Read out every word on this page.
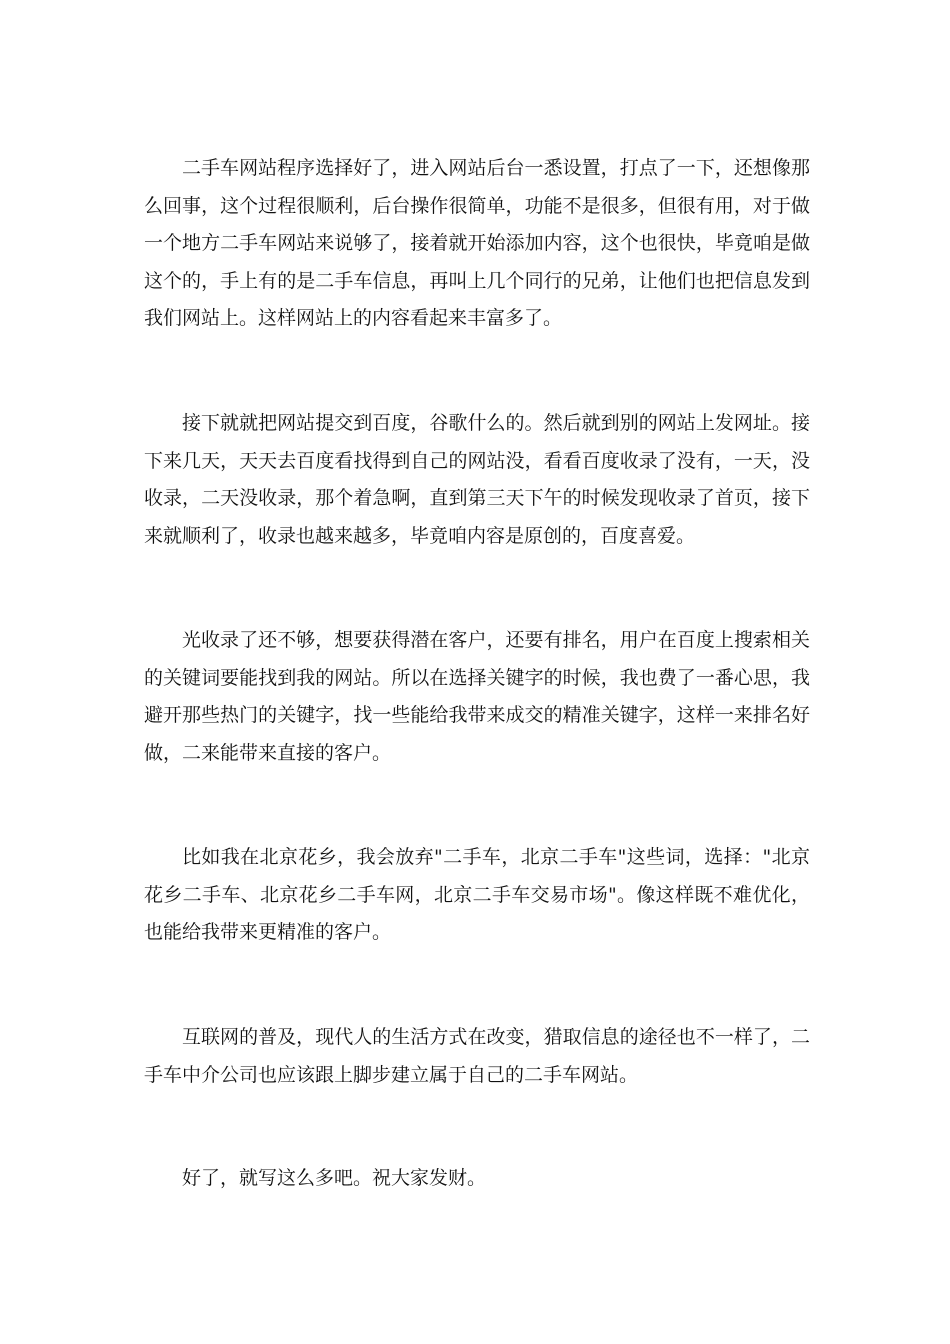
二手车网站程序选择好了，进入网站后台一悉设置，打点了一下，还想像那么回事，这个过程很顺利，后台操作很简单，功能不是很多，但很有用，对于做一个地方二手车网站来说够了，接着就开始添加内容，这个也很快，毕竟咱是做这个的，手上有的是二手车信息，再叫上几个同行的兄弟，让他们也把信息发到我们网站上。这样网站上的内容看起来丰富多了。

接下就就把网站提交到百度，谷歌什么的。然后就到别的网站上发网址。接下来几天，天天去百度看找得到自己的网站没，看看百度收录了没有，一天，没收录，二天没收录，那个着急啊，直到第三天下午的时候发现收录了首页，接下来就顺利了，收录也越来越多，毕竟咱内容是原创的，百度喜爱。

光收录了还不够，想要获得潜在客户，还要有排名，用户在百度上搜索相关的关键词要能找到我的网站。所以在选择关键字的时候，我也费了一番心思，我避开那些热门的关键字，找一些能给我带来成交的精准关键字，这样一来排名好做，二来能带来直接的客户。

比如我在北京花乡，我会放弃"二手车，北京二手车"这些词，选择："北京花乡二手车、北京花乡二手车网，北京二手车交易市场"。像这样既不难优化，也能给我带来更精准的客户。

互联网的普及，现代人的生活方式在改变，猎取信息的途径也不一样了，二手车中介公司也应该跟上脚步建立属于自己的二手车网站。

好了，就写这么多吧。祝大家发财。
